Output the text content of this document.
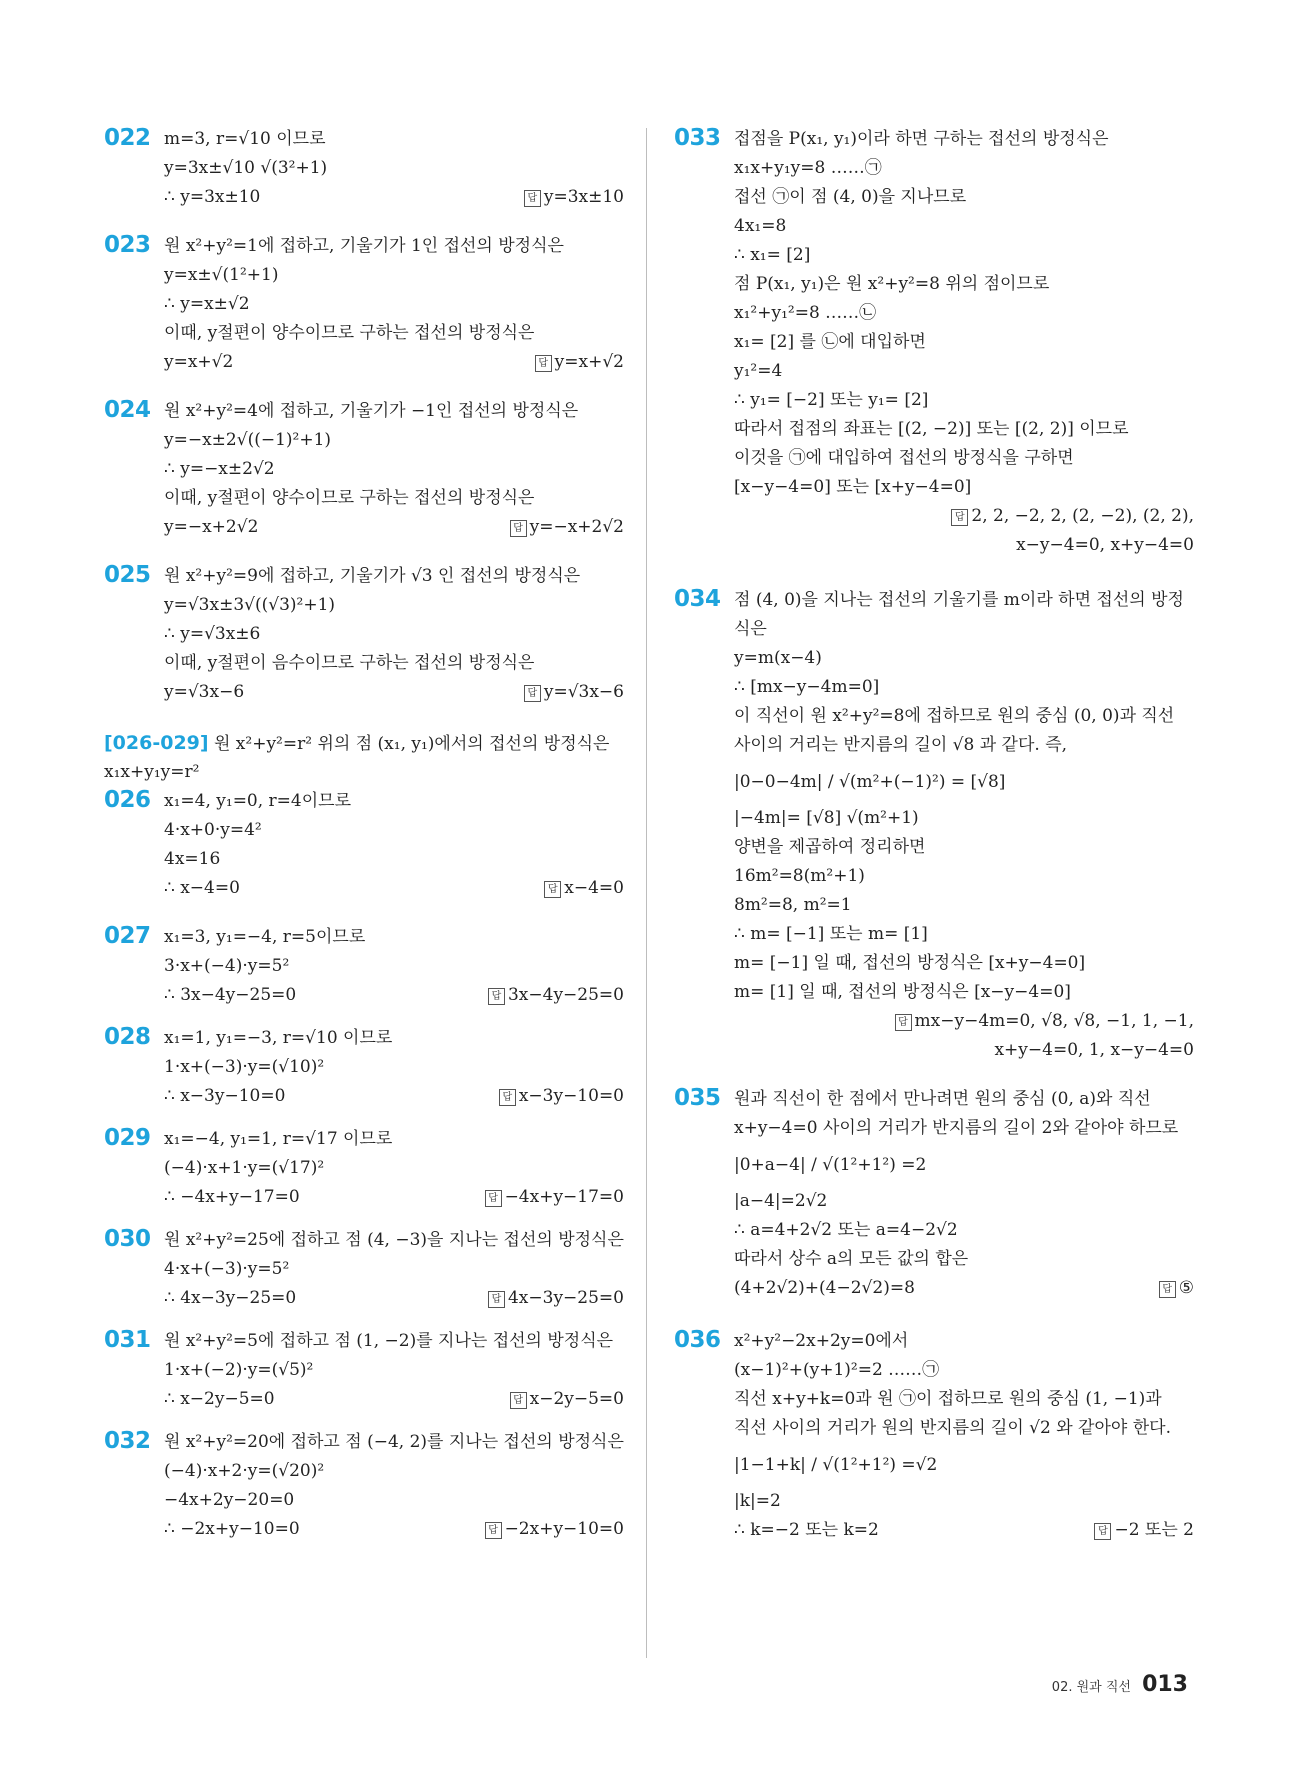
022 m=3, r=√10 이므로
y=3x±√10 √(3²+1)
∴ y=3x±10	답 y=3x±10
023 원 x²+y²=1에 접하고, 기울기가 1인 접선의 방정식은
y=x±√(1²+1)
∴ y=x±√2
이때, y절편이 양수이므로 구하는 접선의 방정식은
y=x+√2	답 y=x+√2
024 원 x²+y²=4에 접하고, 기울기가 −1인 접선의 방정식은
y=−x±2√((−1)²+1)
∴ y=−x±2√2
이때, y절편이 양수이므로 구하는 접선의 방정식은
y=−x+2√2	답 y=−x+2√2
025 원 x²+y²=9에 접하고, 기울기가 √3 인 접선의 방정식은
y=√3x±3√((√3)²+1)
∴ y=√3x±6
이때, y절편이 음수이므로 구하는 접선의 방정식은
y=√3x−6	답 y=√3x−6
[026-029] 원 x²+y²=r² 위의 점 (x₁, y₁)에서의 접선의 방정식은
x₁x+y₁y=r²
026 x₁=4, y₁=0, r=4이므로
4·x+0·y=4²
4x=16
∴ x−4=0	답 x−4=0
027 x₁=3, y₁=−4, r=5이므로
3·x+(−4)·y=5²
∴ 3x−4y−25=0	답 3x−4y−25=0
028 x₁=1, y₁=−3, r=√10 이므로
1·x+(−3)·y=(√10)²
∴ x−3y−10=0	답 x−3y−10=0
029 x₁=−4, y₁=1, r=√17 이므로
(−4)·x+1·y=(√17)²
∴ −4x+y−17=0	답 −4x+y−17=0
030 원 x²+y²=25에 접하고 점 (4, −3)을 지나는 접선의 방정식은
4·x+(−3)·y=5²
∴ 4x−3y−25=0	답 4x−3y−25=0
031 원 x²+y²=5에 접하고 점 (1, −2)를 지나는 접선의 방정식은
1·x+(−2)·y=(√5)²
∴ x−2y−5=0	답 x−2y−5=0
032 원 x²+y²=20에 접하고 점 (−4, 2)를 지나는 접선의 방정식은
(−4)·x+2·y=(√20)²
−4x+2y−20=0
∴ −2x+y−10=0	답 −2x+y−10=0
033 접점을 P(x₁, y₁)이라 하면 구하는 접선의 방정식은
x₁x+y₁y=8 ……㉠
접선 ㉠이 점 (4, 0)을 지나므로
4x₁=8
∴ x₁= [2]
점 P(x₁, y₁)은 원 x²+y²=8 위의 점이므로
x₁²+y₁²=8 ……㉡
x₁= [2] 를 ㉡에 대입하면
y₁²=4
∴ y₁= [−2] 또는 y₁= [2]
따라서 접점의 좌표는 [(2, −2)] 또는 [(2, 2)] 이므로
이것을 ㉠에 대입하여 접선의 방정식을 구하면
[x−y−4=0] 또는 [x+y−4=0]
답 2, 2, −2, 2, (2, −2), (2, 2),
x−y−4=0, x+y−4=0
034 점 (4, 0)을 지나는 접선의 기울기를 m이라 하면 접선의 방정
식은
y=m(x−4)
∴ [mx−y−4m=0]
이 직선이 원 x²+y²=8에 접하므로 원의 중심 (0, 0)과 직선
사이의 거리는 반지름의 길이 √8 과 같다. 즉,
|0−0−4m| / √(m²+(−1)²) = [√8]
|−4m|= [√8] √(m²+1)
양변을 제곱하여 정리하면
16m²=8(m²+1)
8m²=8, m²=1
∴ m= [−1] 또는 m= [1]
m= [−1] 일 때, 접선의 방정식은 [x+y−4=0]
m= [1] 일 때, 접선의 방정식은 [x−y−4=0]
답 mx−y−4m=0, √8, √8, −1, 1, −1,
x+y−4=0, 1, x−y−4=0
035 원과 직선이 한 점에서 만나려면 원의 중심 (0, a)와 직선
x+y−4=0 사이의 거리가 반지름의 길이 2와 같아야 하므로
|0+a−4| / √(1²+1²) =2
|a−4|=2√2
∴ a=4+2√2 또는 a=4−2√2
따라서 상수 a의 모든 값의 합은
(4+2√2)+(4−2√2)=8	답 ⑤
036 x²+y²−2x+2y=0에서
(x−1)²+(y+1)²=2 ……㉠
직선 x+y+k=0과 원 ㉠이 접하므로 원의 중심 (1, −1)과
직선 사이의 거리가 원의 반지름의 길이 √2 와 같아야 한다.
|1−1+k| / √(1²+1²) =√2
|k|=2
∴ k=−2 또는 k=2	답 −2 또는 2
02. 원과 직선 013
